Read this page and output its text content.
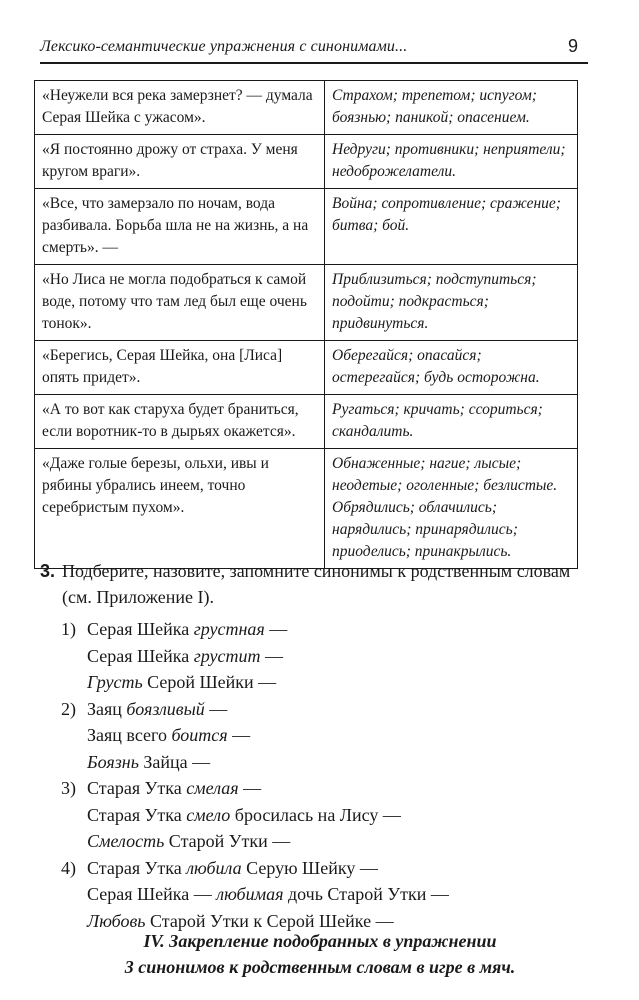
Лексико-семантические упражнения с синонимами...	9
«Неужели вся река замерзнет? — думала Серая Шейка с ужасом».	Страхом; трепетом; испугом; боязнью; паникой; опасением.
«Я постоянно дрожу от страха. У меня кругом враги».	Недруги; противники; неприятели; недоброжелатели.
«Все, что замерзало по ночам, вода разбивала. Борьба шла не на жизнь, а на смерть». —	Война; сопротивление; сражение; битва; бой.
«Но Лиса не могла подобраться к самой воде, потому что там лед был еще очень тонок».	Приблизиться; подступиться; подойти; подкрасться; придвинуться.
«Берегись, Серая Шейка, она [Лиса] опять придет».	Оберегайся; опасайся; остерегайся; будь осторожна.
«А то вот как старуха будет браниться, если воротник-то в дырьях окажется».	Ругаться; кричать; ссориться; скандалить.
«Даже голые березы, ольхи, ивы и рябины убрались инеем, точно серебристым пухом».	Обнаженные; нагие; лысые; неодетые; оголенные; безлистые. Обрядились; облачились; нарядились; принарядились; приоделись; принакрылись.
3. Подберите, назовите, запомните синонимы к родственным словам (см. Приложение I).
1) Серая Шейка грустная —
Серая Шейка грустит —
Грусть Серой Шейки —
2) Заяц боязливый —
Заяц всего боится —
Боязнь Зайца —
3) Старая Утка смелая —
Старая Утка смело бросилась на Лису —
Смелость Старой Утки —
4) Старая Утка любила Серую Шейку —
Серая Шейка — любимая дочь Старой Утки —
Любовь Старой Утки к Серой Шейке —
IV. Закрепление подобранных в упражнении
3 синонимов к родственным словам в игре в мяч.
